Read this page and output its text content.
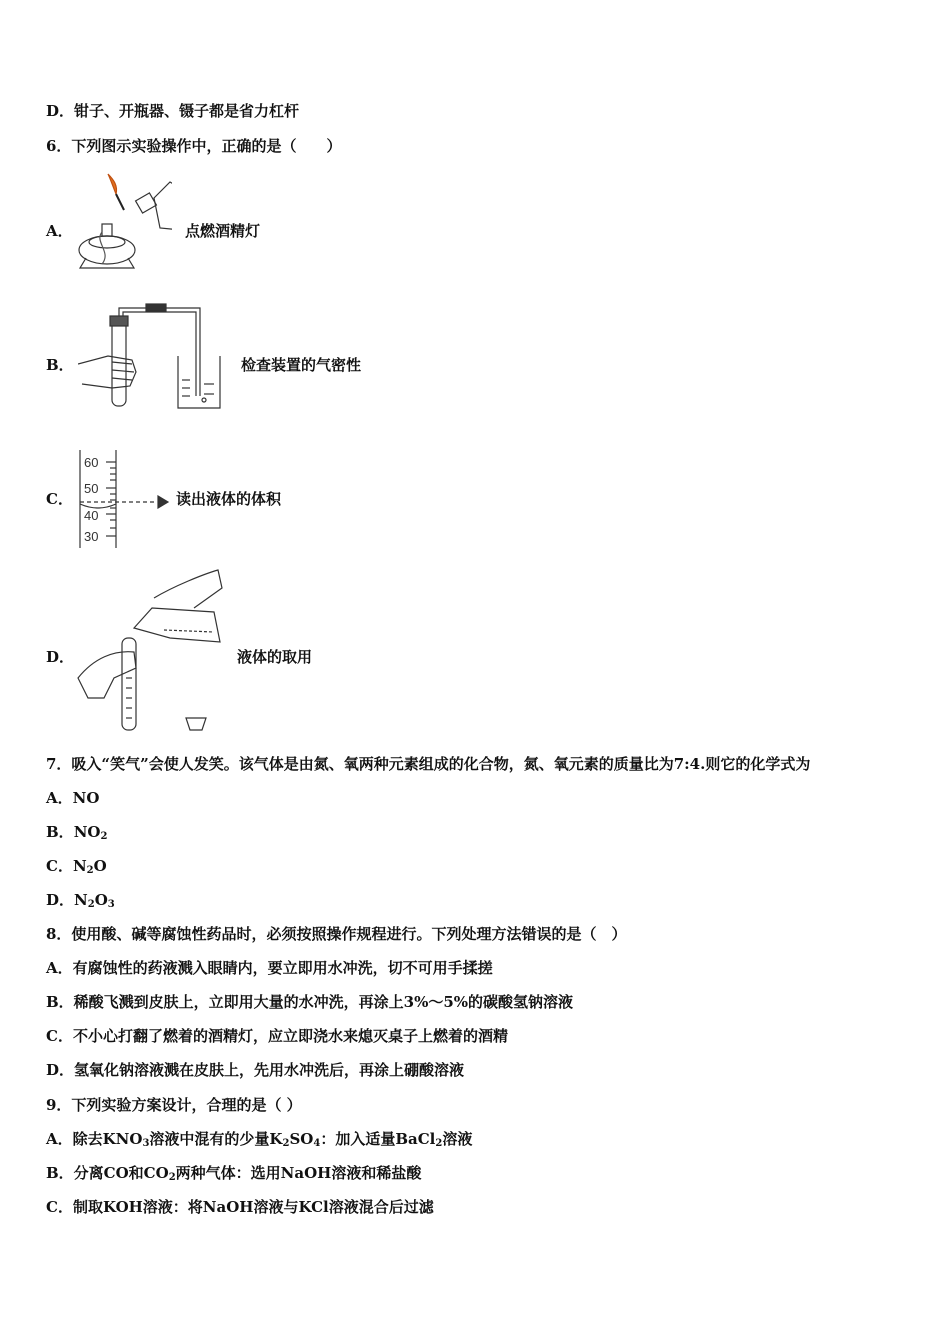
D．钳子、开瓶器、镊子都是省力杠杆
6．下列图示实验操作中，正确的是（　　）
A．	点燃酒精灯
B．	检查装置的气密性
C．
60
50
40
30
读出液体的体积
D．	液体的取用
7．吸入“笑气”会使人发笑。该气体是由氮、氧两种元素组成的化合物，氮、氧元素的质量比为7:4.则它的化学式为
A．NO
B．$NO_2$
C．$N_2O$
D．$N_2O_3$
8．使用酸、碱等腐蚀性药品时，必须按照操作规程进行。下列处理方法错误的是（　）
A．有腐蚀性的药液溅入眼睛内，要立即用水冲洗，切不可用手揉搓
B．稀酸飞溅到皮肤上，立即用大量的水冲洗，再涂上3%～5%的碳酸氢钠溶液
C．不小心打翻了燃着的酒精灯，应立即浇水来熄灭桌子上燃着的酒精
D．氢氧化钠溶液溅在皮肤上，先用水冲洗后，再涂上硼酸溶液
9．下列实验方案设计，合理的是（ ）
A．除去$KNO_3$溶液中混有的少量$K_2SO_4$：加入适量BaCl$_2$溶液
B．分离CO和$CO_2$两种气体：选用NaOH溶液和稀盐酸
C．制取KOH溶液：将NaOH溶液与KCl溶液混合后过滤
